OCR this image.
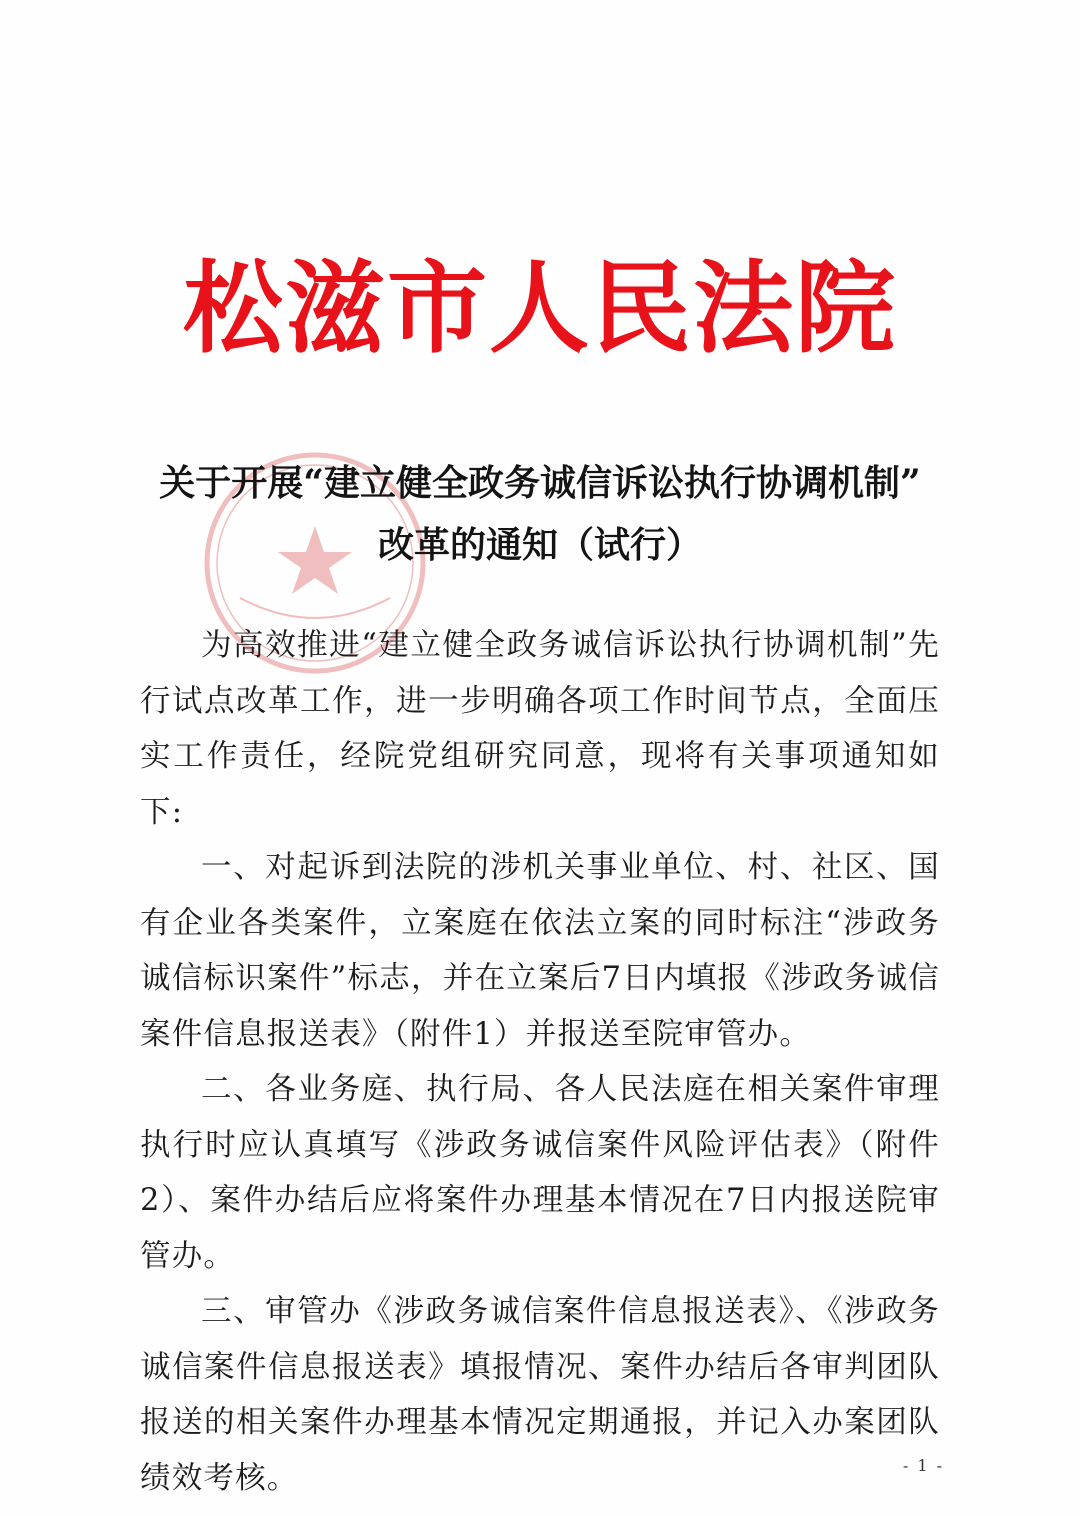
松滋市人民法院
关于开展“建立健全政务诚信诉讼执行协调机制”
改革的通知（试行）

为高效推进“建立健全政务诚信诉讼执行协调机制”先行试点改革工作，进一步明确各项工作时间节点，全面压实工作责任，经院党组研究同意，现将有关事项通知如下:

一、对起诉到法院的涉机关事业单位、村、社区、国有企业各类案件，立案庭在依法立案的同时标注“涉政务诚信标识案件”标志，并在立案后7日内填报《涉政务诚信案件信息报送表》（附件1）并报送至院审管办。

二、各业务庭、执行局、各人民法庭在相关案件审理执行时应认真填写《涉政务诚信案件风险评估表》（附件2）、案件办结后应将案件办理基本情况在7日内报送院审管办。

三、审管办《涉政务诚信案件信息报送表》、《涉政务诚信案件信息报送表》填报情况、案件办结后各审判团队报送的相关案件办理基本情况定期通报，并记入办案团队绩效考核。	- 1 -
